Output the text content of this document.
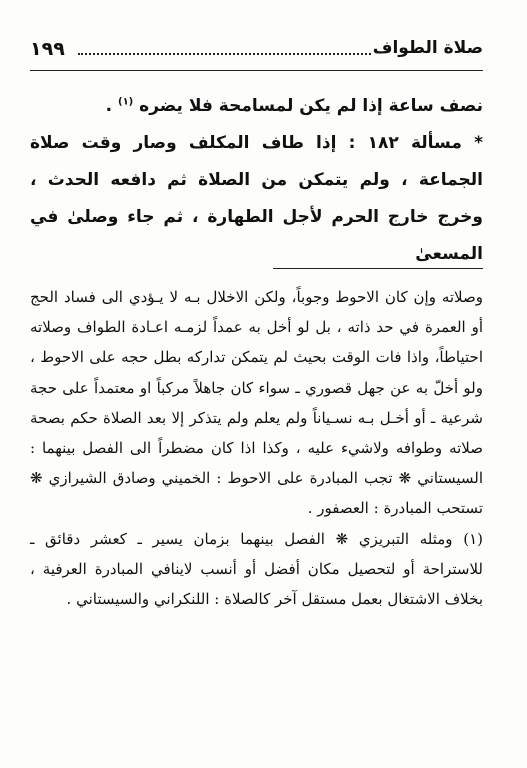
١٩٩	صلاة الطواف

نصف ساعة إذا لم يكن لمسامحة فلا يضره $^{(١)}$ .

* مسألة ١٨٢ : إذا طاف المكلف وصار وقت صلاة الجماعة ، ولم يتمكن من الصلاة ثم دافعه الحدث ، وخرج خارج الحرم لأجل الطهارة ، ثم جاء وصلىٰ في المسعىٰ

وصلاته وإن كان الاحوط وجوباً، ولكن الاخلال بـه لا يـؤدي الى فساد الحج أو العمرة في حد ذاته ، بل لو أخل به عمداً لزمـه اعـادة الطواف وصلاته احتياطاً، واذا فات الوقت بحيث لم يتمكن تداركه بطل حجه على الاحوط ، ولو أخلّ به عن جهل قصوري ـ سواء كان جاهلاً مركباً او معتمداً على حجة شرعية ـ أو أخـل بـه نسـياناً ولم يعلم ولم يتذكر إلا بعد الصلاة حكم بصحة صلاته وطوافه ولاشيء عليه ، وكذا اذا كان مضطراً الى الفصل بينهما : السيستاني ❋ تجب المبادرة على الاحوط : الخميني وصادق الشيرازي ❋ تستحب المبادرة : العصفور .

(١) ومثله التبريزي ❋ الفصل بينهما بزمان يسير ـ كعشر دقائق ـ للاستراحة أو لتحصيل مكان أفضل أو أنسب لاينافي المبادرة العرفية ، بخلاف الاشتغال بعمل مستقل آخر كالصلاة : اللنكراني والسيستاني .
